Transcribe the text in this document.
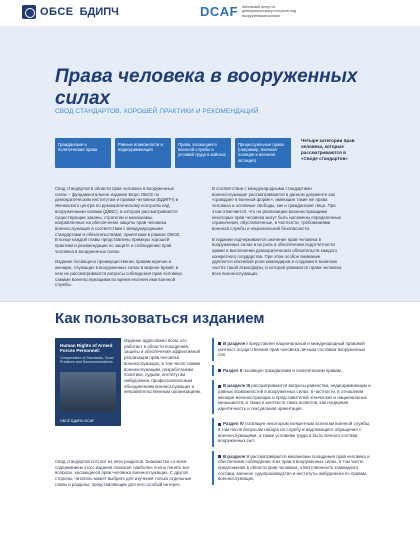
ОБСЕ БДИПЧ	DCAF Женевский центр по демократическому контролю над вооружёнными силами
Права человека в вооруженных силах
СВОД СТАНДАРТОВ, ХОРОШЕЙ ПРАКТИКИ И РЕКОМЕНДАЦИЙ
Гражданские и политические права
Равные возможности и недискриминация
Права, касающиеся военной службы и условий труда в войсках
Процессуальные права (например, военная полиция и военная юстиция)
Четыре категории прав человека, которые рассматриваются в «Своде стандартов»

Свод стандартов в области прав человека в вооруженных силах – фундаментальное издание Бюро ОБСЕ по демократическим институтам и правам человека (БДИПЧ) и Женевского центра по демократическому контролю над вооруженными силами (ДКВС), в котором рассматриваются существующие законы, стратегии и механизмы, направленные на обеспечение защиты прав человека военнослужащих в соответствии с международными стандартами и обязательствами, принятыми в рамках ОБСЕ. В конце каждой главы представлены примеры хорошей практики и рекомендации по защите и соблюдению прав человека в вооруженных силах.

Издание посвящено преимущественно правам мужчин и женщин, служащих в вооруженных силах в мирное время; в нем не рассматриваются вопросы соблюдения прав человека самими военнослужащими во время несения ими военной службы.

В соответствии с международными стандартами военнослужащие рассматриваются в данном документе как «граждане в военной форме», имеющие такие же права человека и основные свободы, как и гражданские лица. При этом отмечается, что на реализацию военнослужащими некоторых прав человека могут быть наложены определенные ограничения, обусловленные, в частности, требованиями военной службы и национальной безопасности.

В издании подчеркивается значение прав человека в вооруженных силах и их роль в обеспечении подотчетности армии и выполнении демократических обязательств каждого конкретного государства. При этом особое внимание уделяется ключевой роли командиров в создании в воинских частях такой атмосферы, в которой уважаются права человека всех военнослужащих.

Как пользоваться изданием
Human Rights of Armed Forces Personnel:
Compendium of Standards, Good Practices and Recommendations
ОБСЕ БДИПЧ DCAF
Издание адресовано всем, кто работает в области поощрения, защиты и обеспечения эффективной реализации прав человека военнослужащих, в том числе самим военнослужащим, разработчикам политики, судьям, институтам омбудсмена, профессиональным объединениям военнослужащих и неправительственным организациям.
Свод стандартов состоит из пяти разделов. Знакомство со всем содержанием этого издания позволит наиболее полно понять все вопросы, касающиеся прав человека военнослужащих. С другой стороны, читатель может выбрать для изучения только отдельные главы и разделы, представляющие для него особый интерес.
В разделе I представлен национальный и международный правовой контекст осуществления прав человека личным составом вооруженных сил.
Раздел II посвящен гражданским и политическим правам.
В разделе III рассматриваются вопросы равенства, недискриминации и равных возможностей в вооруженных силах, в частности, в отношении женщин-военнослужащих и представителей этнических и национальных меньшинств, а также в контексте таких аспектов, как гендерная идентичность и сексуальная ориентация.
Раздел IV посвящен некоторым конкретным аспектам военной службы, в том числе вопросам набора на службу и надлежащего обращения с военнослужащими, а также условиям труда и быта личного состава вооруженных сил.
В разделе V рассматриваются механизмы поощрения прав человека и обеспечения соблюдения этих прав в вооруженных силах, в том числе предложения в области прав человека, ответственность командного состава, военное судопроизводство и институты омбудсмена по правам военнослужащих.
